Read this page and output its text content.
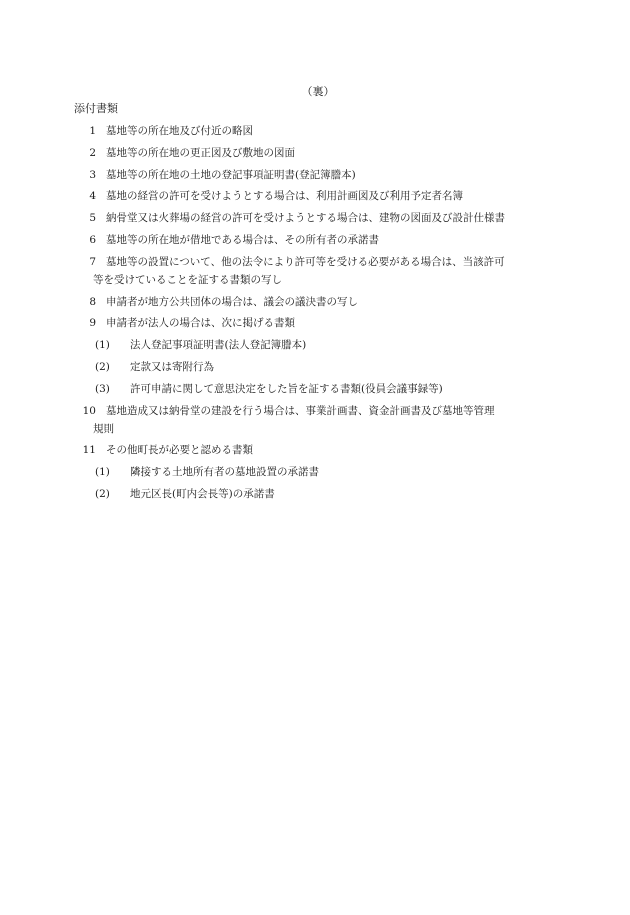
（裏）
添付書類
1 墓地等の所在地及び付近の略図
2 墓地等の所在地の更正図及び敷地の図面
3 墓地等の所在地の土地の登記事項証明書(登記簿謄本)
4 墓地の経営の許可を受けようとする場合は、利用計画図及び利用予定者名簿
5 納骨堂又は火葬場の経営の許可を受けようとする場合は、建物の図面及び設計仕様書
6 墓地等の所在地が借地である場合は、その所有者の承諾書
7 墓地等の設置について、他の法令により許可等を受ける必要がある場合は、当該許可
等を受けていることを証する書類の写し
8 申請者が地方公共団体の場合は、議会の議決書の写し
9 申請者が法人の場合は、次に掲げる書類
(1)	法人登記事項証明書(法人登記簿謄本)
(2)	定款又は寄附行為
(3)	許可申請に関して意思決定をした旨を証する書類(役員会議事録等)
10 墓地造成又は納骨堂の建設を行う場合は、事業計画書、資金計画書及び墓地等管理
規則
11 その他町長が必要と認める書類
(1)	隣接する土地所有者の墓地設置の承諾書
(2)	地元区長(町内会長等)の承諾書
